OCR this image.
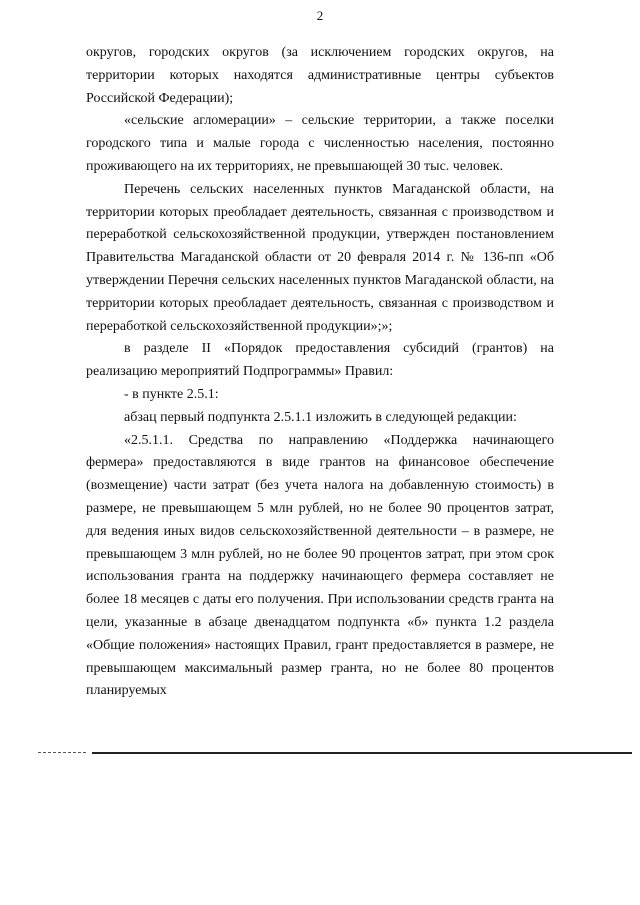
2

округов, городских округов (за исключением городских округов, на территории которых находятся административные центры субъектов Российской Федерации);

«сельские агломерации» – сельские территории, а также поселки городского типа и малые города с численностью населения, постоянно проживающего на их территориях, не превышающей 30 тыс. человек.

Перечень сельских населенных пунктов Магаданской области, на территории которых преобладает деятельность, связанная с производством и переработкой сельскохозяйственной продукции, утвержден постановлением Правительства Магаданской области от 20 февраля 2014 г. № 136-пп «Об утверждении Перечня сельских населенных пунктов Магаданской области, на территории которых преобладает деятельность, связанная с производством и переработкой сельскохозяйственной продукции»;»;

в разделе II «Порядок предоставления субсидий (грантов) на реализацию мероприятий Подпрограммы» Правил:

- в пункте 2.5.1:

абзац первый подпункта 2.5.1.1 изложить в следующей редакции:

«2.5.1.1. Средства по направлению «Поддержка начинающего фермера» предоставляются в виде грантов на финансовое обеспечение (возмещение) части затрат (без учета налога на добавленную стоимость) в размере, не превышающем 5 млн рублей, но не более 90 процентов затрат, для ведения иных видов сельскохозяйственной деятельности – в размере, не превышающем 3 млн рублей, но не более 90 процентов затрат, при этом срок использования гранта на поддержку начинающего фермера составляет не более 18 месяцев с даты его получения. При использовании средств гранта на цели, указанные в абзаце двенадцатом подпункта «б» пункта 1.2 раздела «Общие положения» настоящих Правил, грант предоставляется в размере, не превышающем максимальный размер гранта, но не более 80 процентов планируемых
